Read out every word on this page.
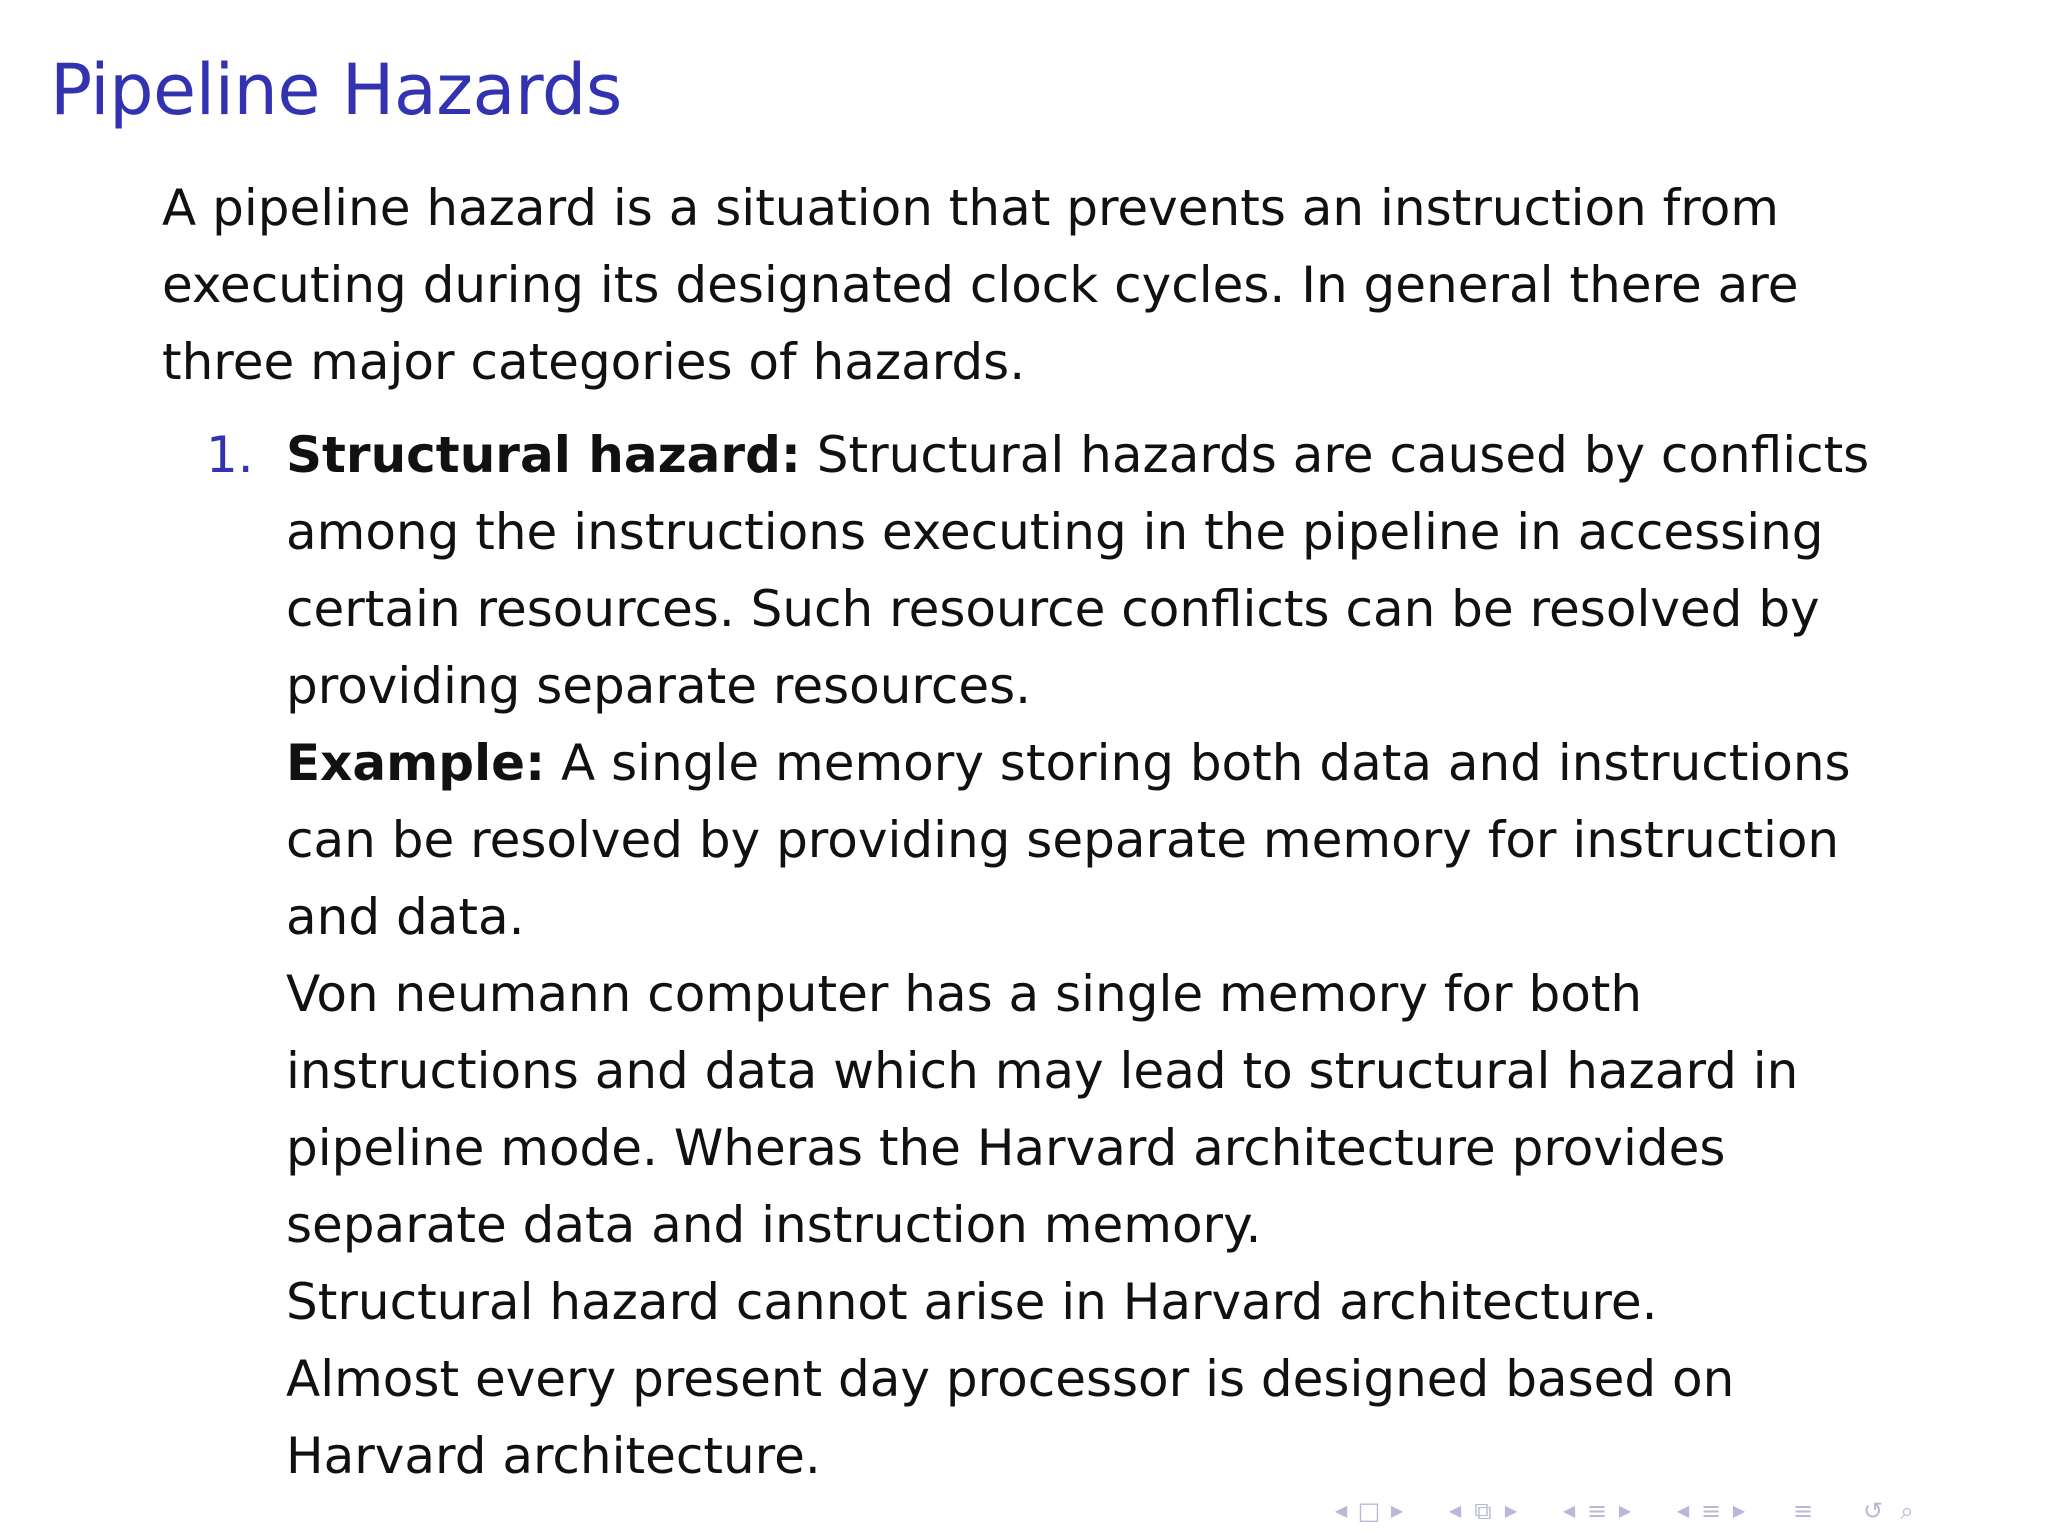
Pipeline Hazards
A pipeline hazard is a situation that prevents an instruction from
executing during its designated clock cycles. In general there are
three major categories of hazards.
1. Structural hazard: Structural hazards are caused by conflicts
among the instructions executing in the pipeline in accessing
certain resources. Such resource conflicts can be resolved by
providing separate resources.
Example: A single memory storing both data and instructions
can be resolved by providing separate memory for instruction
and data.
Von neumann computer has a single memory for both
instructions and data which may lead to structural hazard in
pipeline mode. Wheras the Harvard architecture provides
separate data and instruction memory.
Structural hazard cannot arise in Harvard architecture.
Almost every present day processor is designed based on
Harvard architecture.
◀ □ ▶	◀ ⧉ ▶	◀ ≡ ▶	◀ ≡ ▶ ≡ ↺ ⌕
